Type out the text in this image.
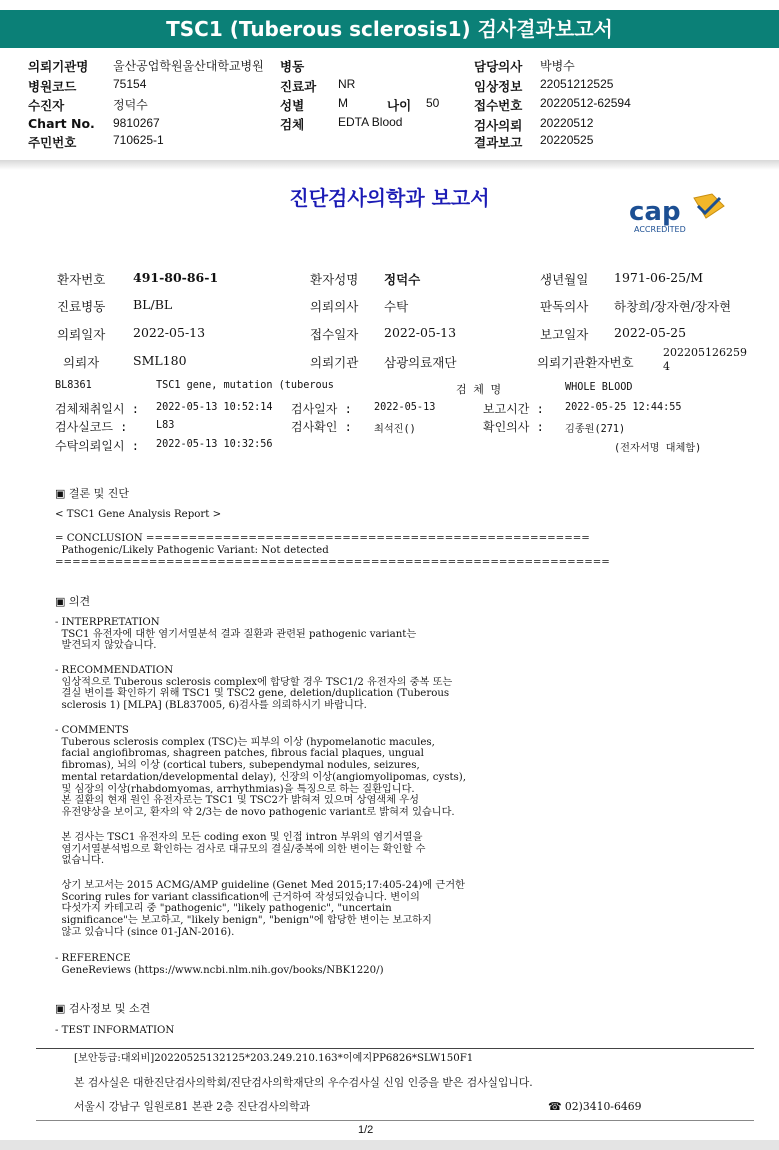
TSC1 (Tuberous sclerosis1) 검사결과보고서
의뢰기관명 울산공업학원울산대학교병원 병동	담당의사 박병수
병원코드	75154	진료과 NR	임상정보 22051212525
수진자	정덕수	성별	M	나이 50	접수번호 20220512-62594
Chart No. 9810267	검체	EDTA Blood	검사의뢰 20220512
주민번호	710625-1	결과보고 20220525
진단검사의학과 보고서	cap
ACCREDITED
환자번호 491-80-86-1	환자성명 정덕수	생년월일 1971-06-25/M
진료병동 BL/BL	의뢰의사 수탁	판독의사 하창희/장자현/장자현
의뢰일자 2022-05-13	접수일자 2022-05-13	보고일자 2022-05-25
의뢰자	SML180	의뢰기관 삼광의료재단	의뢰기관환자번호
202205126259
4
BL8361	TSC1 gene, mutation (tuberous	검 체 명	WHOLE BLOOD
검체채취일시 : 2022-05-13 10:52:14 검사일자 : 2022-05-13	보고시간 : 2022-05-25 12:44:55
검사실코드 :	L83	검사확인 : 최석진()	확인의사 : 김종원(271)
수탁의뢰일시 : 2022-05-13 10:32:56	(전자서명 대체함)
▣ 결론 및 진단
< TSC1 Gene Analysis Report >
= CONCLUSION ====================================================
Pathogenic/Likely Pathogenic Variant: Not detected
=================================================================
▣ 의견
- INTERPRETATION
TSC1 유전자에 대한 염기서열분석 결과 질환과 관련된 pathogenic variant는
발견되지 않았습니다.
- RECOMMENDATION
임상적으로 Tuberous sclerosis complex에 합당할 경우 TSC1/2 유전자의 중복 또는
결실 변이를 확인하기 위해 TSC1 및 TSC2 gene, deletion/duplication (Tuberous
sclerosis 1) [MLPA] (BL837005, 6)검사를 의뢰하시기 바랍니다.
- COMMENTS
Tuberous sclerosis complex (TSC)는 피부의 이상 (hypomelanotic macules,
facial angiofibromas, shagreen patches, fibrous facial plaques, ungual
fibromas), 뇌의 이상 (cortical tubers, subependymal nodules, seizures,
mental retardation/developmental delay), 신장의 이상(angiomyolipomas, cysts),
및 심장의 이상(rhabdomyomas, arrhythmias)을 특징으로 하는 질환입니다.
본 질환의 현재 원인 유전자로는 TSC1 및 TSC2가 밝혀져 있으며 상염색체 우성
유전양상을 보이고, 환자의 약 2/3는 de novo pathogenic variant로 밝혀져 있습니다.
본 검사는 TSC1 유전자의 모든 coding exon 및 인접 intron 부위의 염기서열을
염기서열분석법으로 확인하는 검사로 대규모의 결실/중복에 의한 변이는 확인할 수
없습니다.
상기 보고서는 2015 ACMG/AMP guideline (Genet Med 2015;17:405-24)에 근거한
Scoring rules for variant classification에 근거하여 작성되었습니다. 변이의
다섯가지 카테고리 중 "pathogenic", "likely pathogenic", "uncertain
significance"는 보고하고, "likely benign", "benign"에 합당한 변이는 보고하지
않고 있습니다 (since 01-JAN-2016).
- REFERENCE
GeneReviews (https://www.ncbi.nlm.nih.gov/books/NBK1220/)
▣ 검사정보 및 소견
- TEST INFORMATION
[보안등급:대외비]20220525132125*203.249.210.163*이예지PP6826*SLW150F1
본 검사실은 대한진단검사의학회/진단검사의학재단의 우수검사실 신임 인증을 받은 검사실입니다.
서울시 강남구 일원로81 본관 2층 진단검사의학과	☎ 02)3410-6469
1/2
